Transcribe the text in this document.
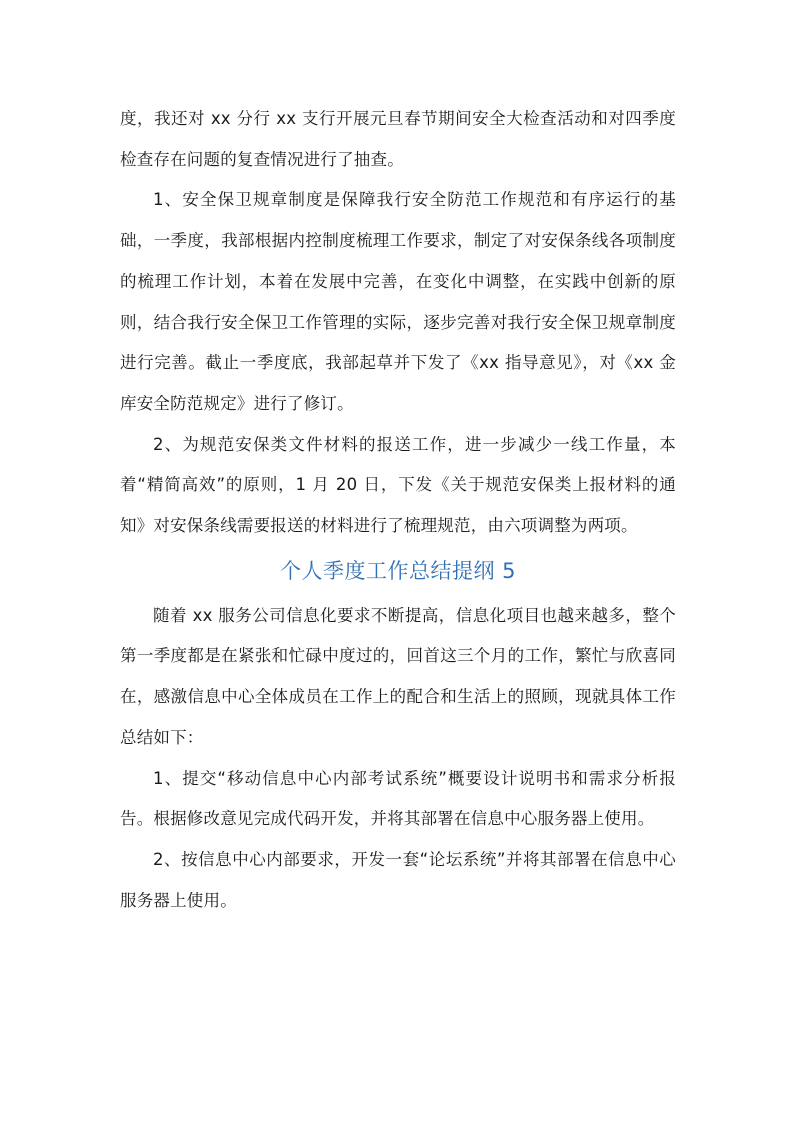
度，我还对 xx 分行 xx 支行开展元旦春节期间安全大检查活动和对四季度检查存在问题的复查情况进行了抽查。

1、安全保卫规章制度是保障我行安全防范工作规范和有序运行的基础，一季度，我部根据内控制度梳理工作要求，制定了对安保条线各项制度的梳理工作计划，本着在发展中完善，在变化中调整，在实践中创新的原则，结合我行安全保卫工作管理的实际，逐步完善对我行安全保卫规章制度进行完善。截止一季度底，我部起草并下发了《xx 指导意见》，对《xx 金库安全防范规定》进行了修订。

2、为规范安保类文件材料的报送工作，进一步减少一线工作量，本着“精简高效”的原则，1 月 20 日，下发《关于规范安保类上报材料的通知》对安保条线需要报送的材料进行了梳理规范，由六项调整为两项。

个人季度工作总结提纲 5

随着 xx 服务公司信息化要求不断提高，信息化项目也越来越多，整个第一季度都是在紧张和忙碌中度过的，回首这三个月的工作，繁忙与欣喜同在，感激信息中心全体成员在工作上的配合和生活上的照顾，现就具体工作总结如下：

1、提交“移动信息中心内部考试系统”概要设计说明书和需求分析报告。根据修改意见完成代码开发，并将其部署在信息中心服务器上使用。

2、按信息中心内部要求，开发一套“论坛系统”并将其部署在信息中心服务器上使用。
